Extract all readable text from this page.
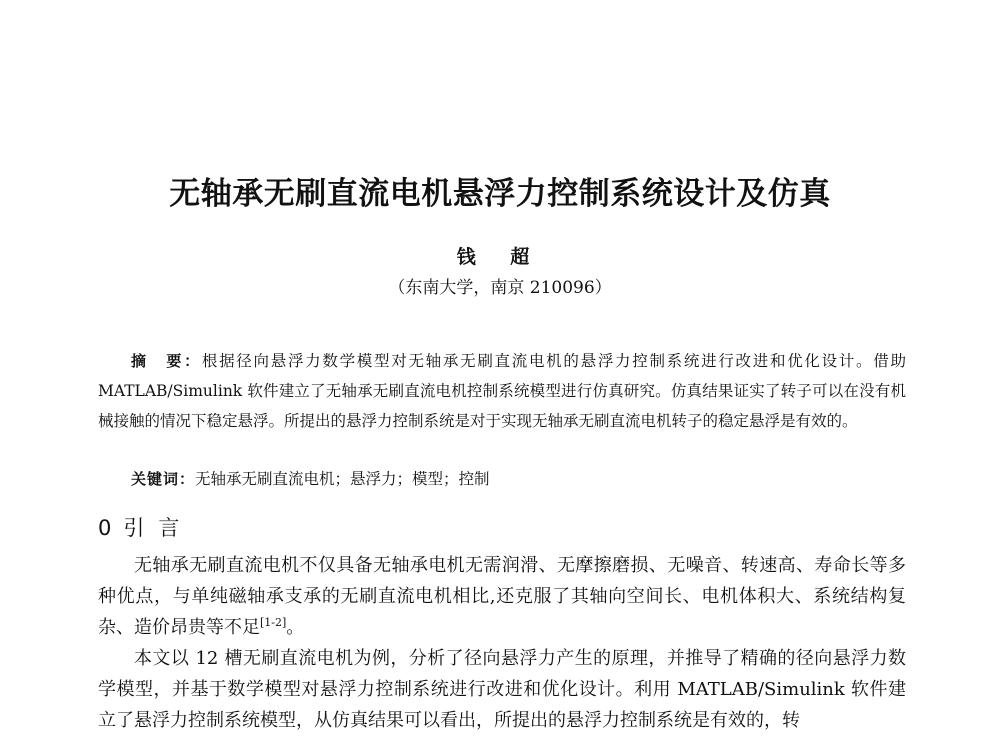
无轴承无刷直流电机悬浮力控制系统设计及仿真
钱 超
（东南大学，南京 210096）
摘　要：根据径向悬浮力数学模型对无轴承无刷直流电机的悬浮力控制系统进行改进和优化设计。借助MATLAB/Simulink 软件建立了无轴承无刷直流电机控制系统模型进行仿真研究。仿真结果证实了转子可以在没有机械接触的情况下稳定悬浮。所提出的悬浮力控制系统是对于实现无轴承无刷直流电机转子的稳定悬浮是有效的。
关键词：无轴承无刷直流电机；悬浮力；模型；控制
0 引言

无轴承无刷直流电机不仅具备无轴承电机无需润滑、无摩擦磨损、无噪音、转速高、寿命长等多种优点，与单纯磁轴承支承的无刷直流电机相比,还克服了其轴向空间长、电机体积大、系统结构复杂、造价昂贵等不足[1-2]。

本文以 12 槽无刷直流电机为例，分析了径向悬浮力产生的原理，并推导了精确的径向悬浮力数学模型，并基于数学模型对悬浮力控制系统进行改进和优化设计。利用 MATLAB/Simulink 软件建立了悬浮力控制系统模型，从仿真结果可以看出，所提出的悬浮力控制系统是有效的，转
